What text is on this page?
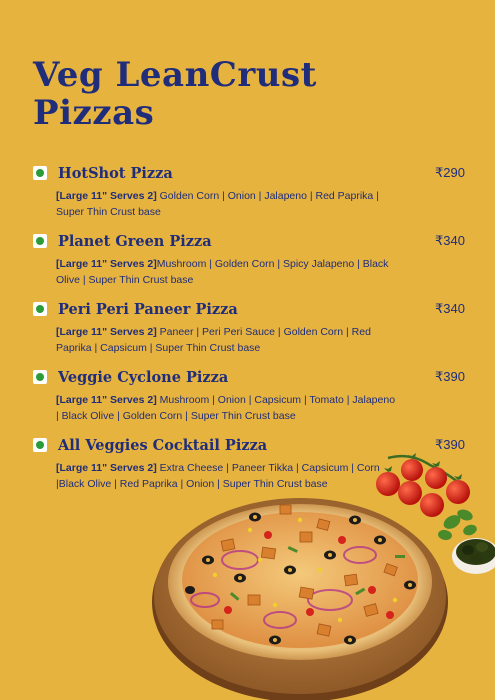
Veg LeanCrust
Pizzas
HotShot Pizza	₹290
[Large 11" Serves 2] Golden Corn | Onion | Jalapeno | Red Paprika | Super Thin Crust base
Planet Green Pizza	₹340
[Large 11" Serves 2]Mushroom | Golden Corn | Spicy Jalapeno | Black Olive | Super Thin Crust base
Peri Peri Paneer Pizza	₹340
[Large 11" Serves 2] Paneer | Peri Peri Sauce | Golden Corn | Red Paprika | Capsicum | Super Thin Crust base
Veggie Cyclone Pizza	₹390
[Large 11" Serves 2] Mushroom | Onion | Capsicum | Tomato | Jalapeno | Black Olive | Golden Corn | Super Thin Crust base
All Veggies Cocktail Pizza	₹390
[Large 11" Serves 2] Extra Cheese | Paneer Tikka | Capsicum | Corn |Black Olive | Red Paprika | Onion | Super Thin Crust base
